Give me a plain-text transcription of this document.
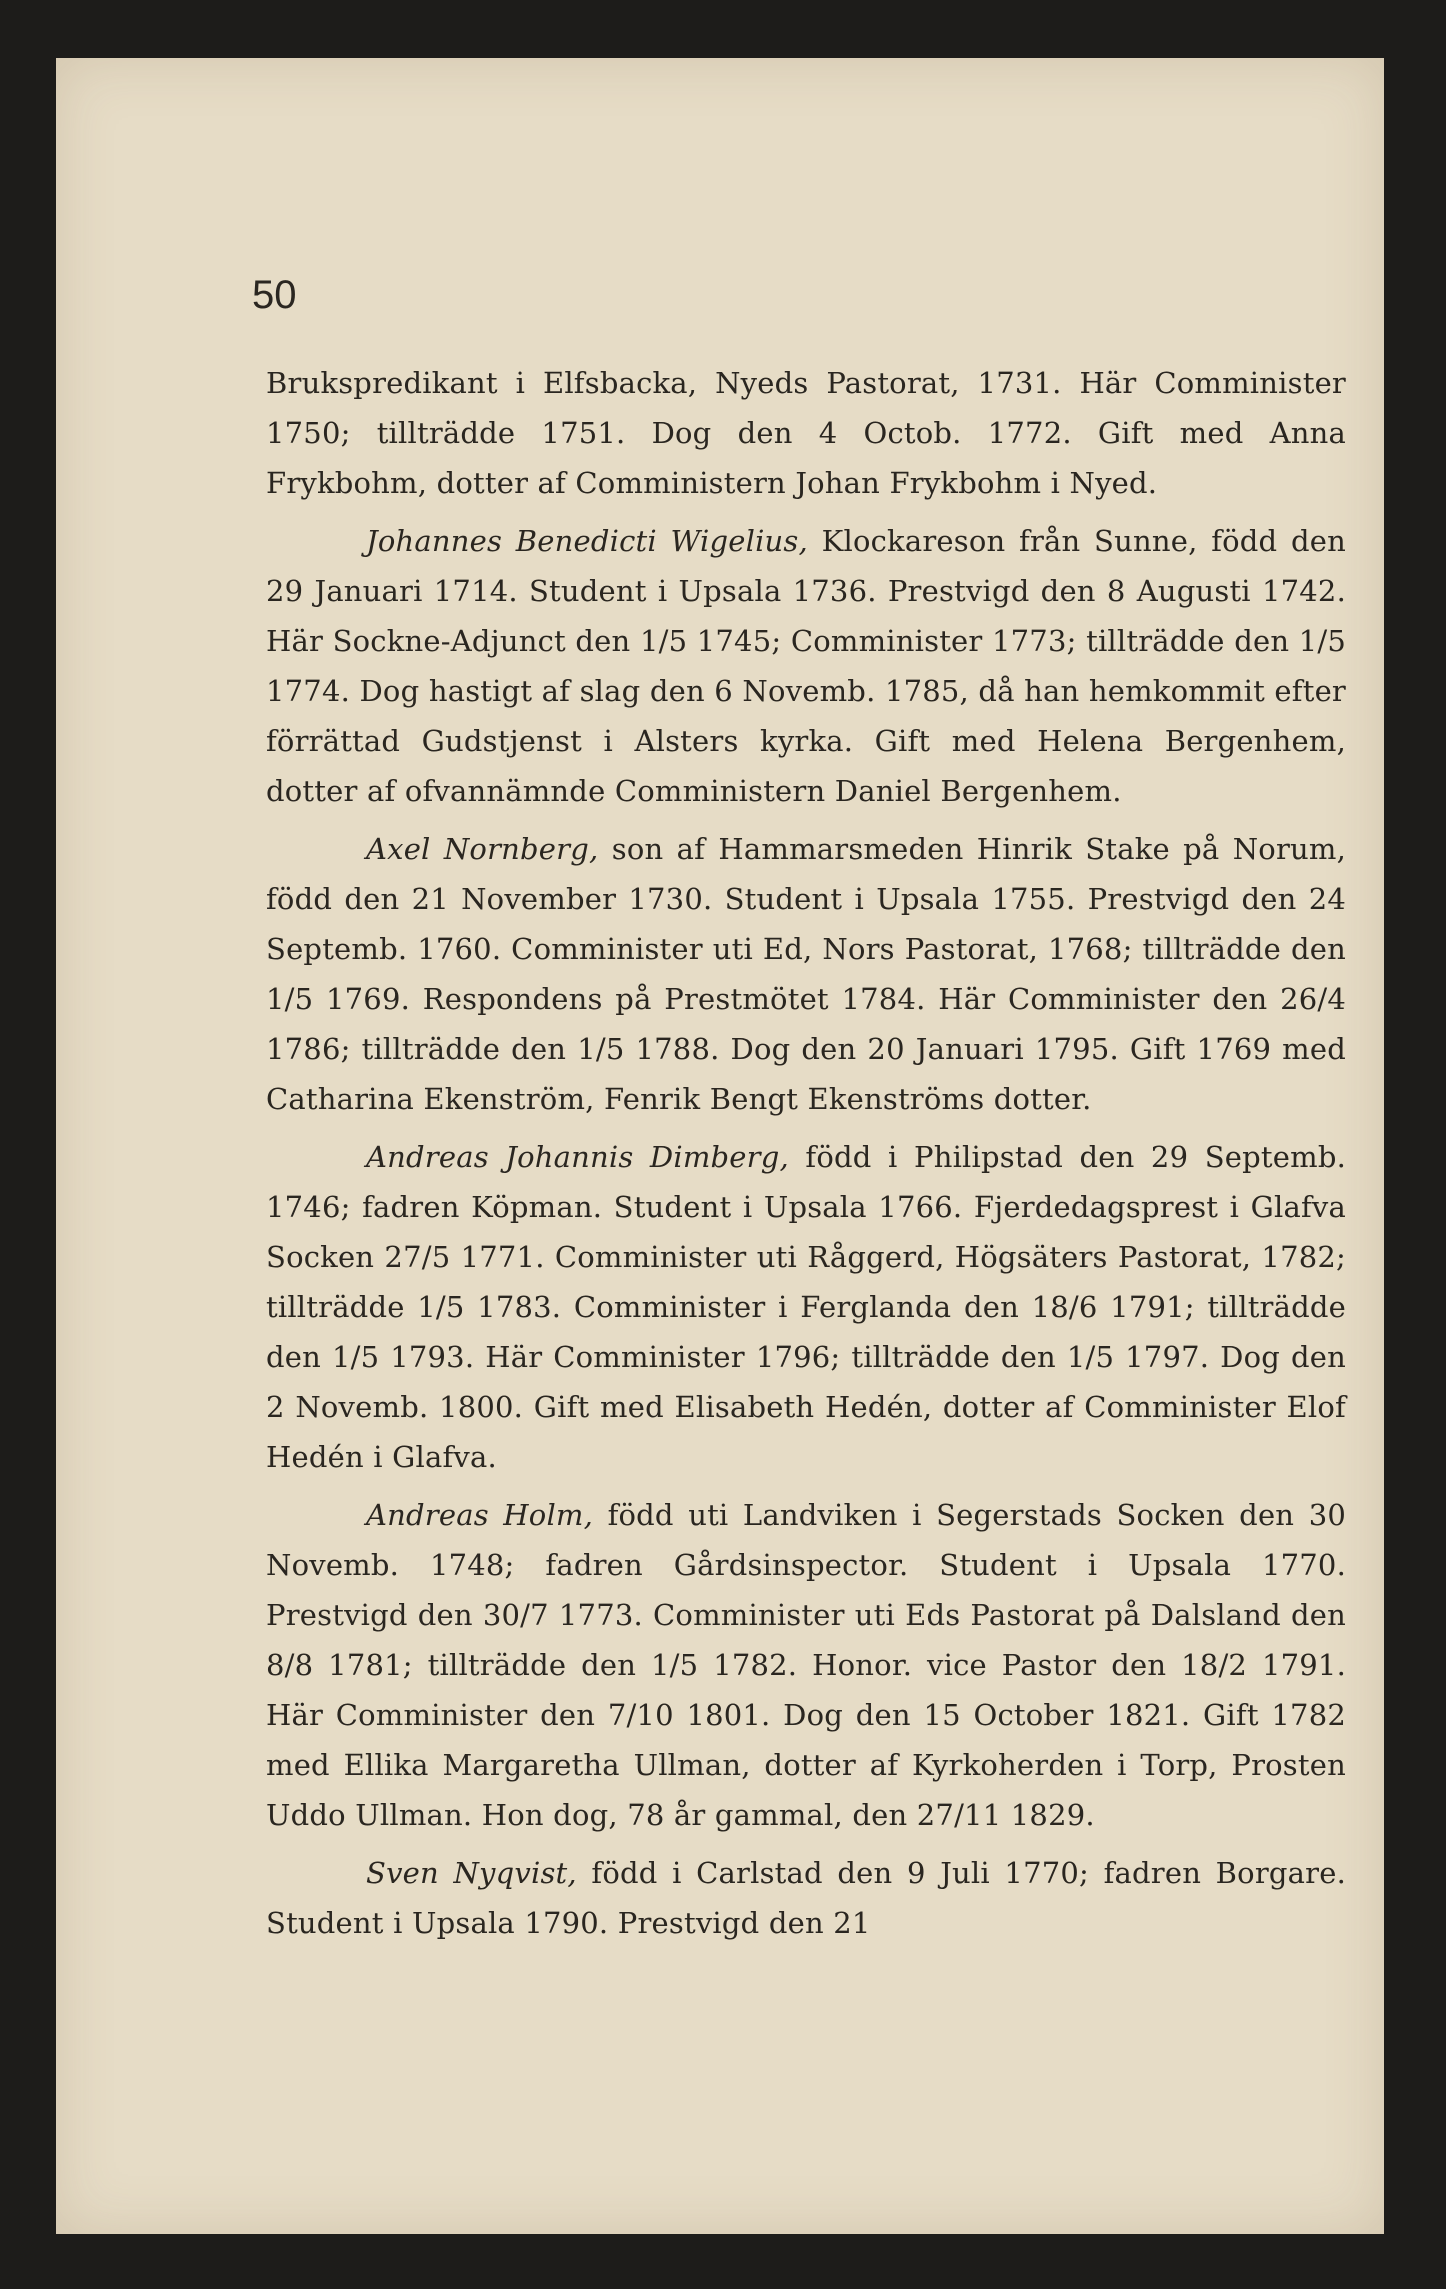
50

Brukspredikant i Elfsbacka, Nyeds Pastorat, 1731. Här Comminister 1750; tillträdde 1751. Dog den 4 Octob. 1772. Gift med Anna Frykbohm, dotter af Comministern Johan Frykbohm i Nyed.

Johannes Benedicti Wigelius, Klockareson från Sunne, född den 29 Januari 1714. Student i Upsala 1736. Prestvigd den 8 Augusti 1742. Här Sockne-Adjunct den 1/5 1745; Comminister 1773; tillträdde den 1/5 1774. Dog hastigt af slag den 6 Novemb. 1785, då han hemkommit efter förrättad Gudstjenst i Alsters kyrka. Gift med Helena Bergenhem, dotter af ofvannämnde Comministern Daniel Bergenhem.

Axel Nornberg, son af Hammarsmeden Hinrik Stake på Norum, född den 21 November 1730. Student i Upsala 1755. Prestvigd den 24 Septemb. 1760. Comminister uti Ed, Nors Pastorat, 1768; tillträdde den 1/5 1769. Respondens på Prestmötet 1784. Här Comminister den 26/4 1786; tillträdde den 1/5 1788. Dog den 20 Januari 1795. Gift 1769 med Catharina Ekenström, Fenrik Bengt Ekenströms dotter.

Andreas Johannis Dimberg, född i Philipstad den 29 Septemb. 1746; fadren Köpman. Student i Upsala 1766. Fjerdedagsprest i Glafva Socken 27/5 1771. Comminister uti Råggerd, Högsäters Pastorat, 1782; tillträdde 1/5 1783. Comminister i Ferglanda den 18/6 1791; tillträdde den 1/5 1793. Här Comminister 1796; tillträdde den 1/5 1797. Dog den 2 Novemb. 1800. Gift med Elisabeth Hedén, dotter af Comminister Elof Hedén i Glafva.

Andreas Holm, född uti Landviken i Segerstads Socken den 30 Novemb. 1748; fadren Gårdsinspector. Student i Upsala 1770. Prestvigd den 30/7 1773. Comminister uti Eds Pastorat på Dalsland den 8/8 1781; tillträdde den 1/5 1782. Honor. vice Pastor den 18/2 1791. Här Comminister den 7/10 1801. Dog den 15 October 1821. Gift 1782 med Ellika Margaretha Ullman, dotter af Kyrkoherden i Torp, Prosten Uddo Ullman. Hon dog, 78 år gammal, den 27/11 1829.

Sven Nyqvist, född i Carlstad den 9 Juli 1770; fadren Borgare. Student i Upsala 1790. Prestvigd den 21
